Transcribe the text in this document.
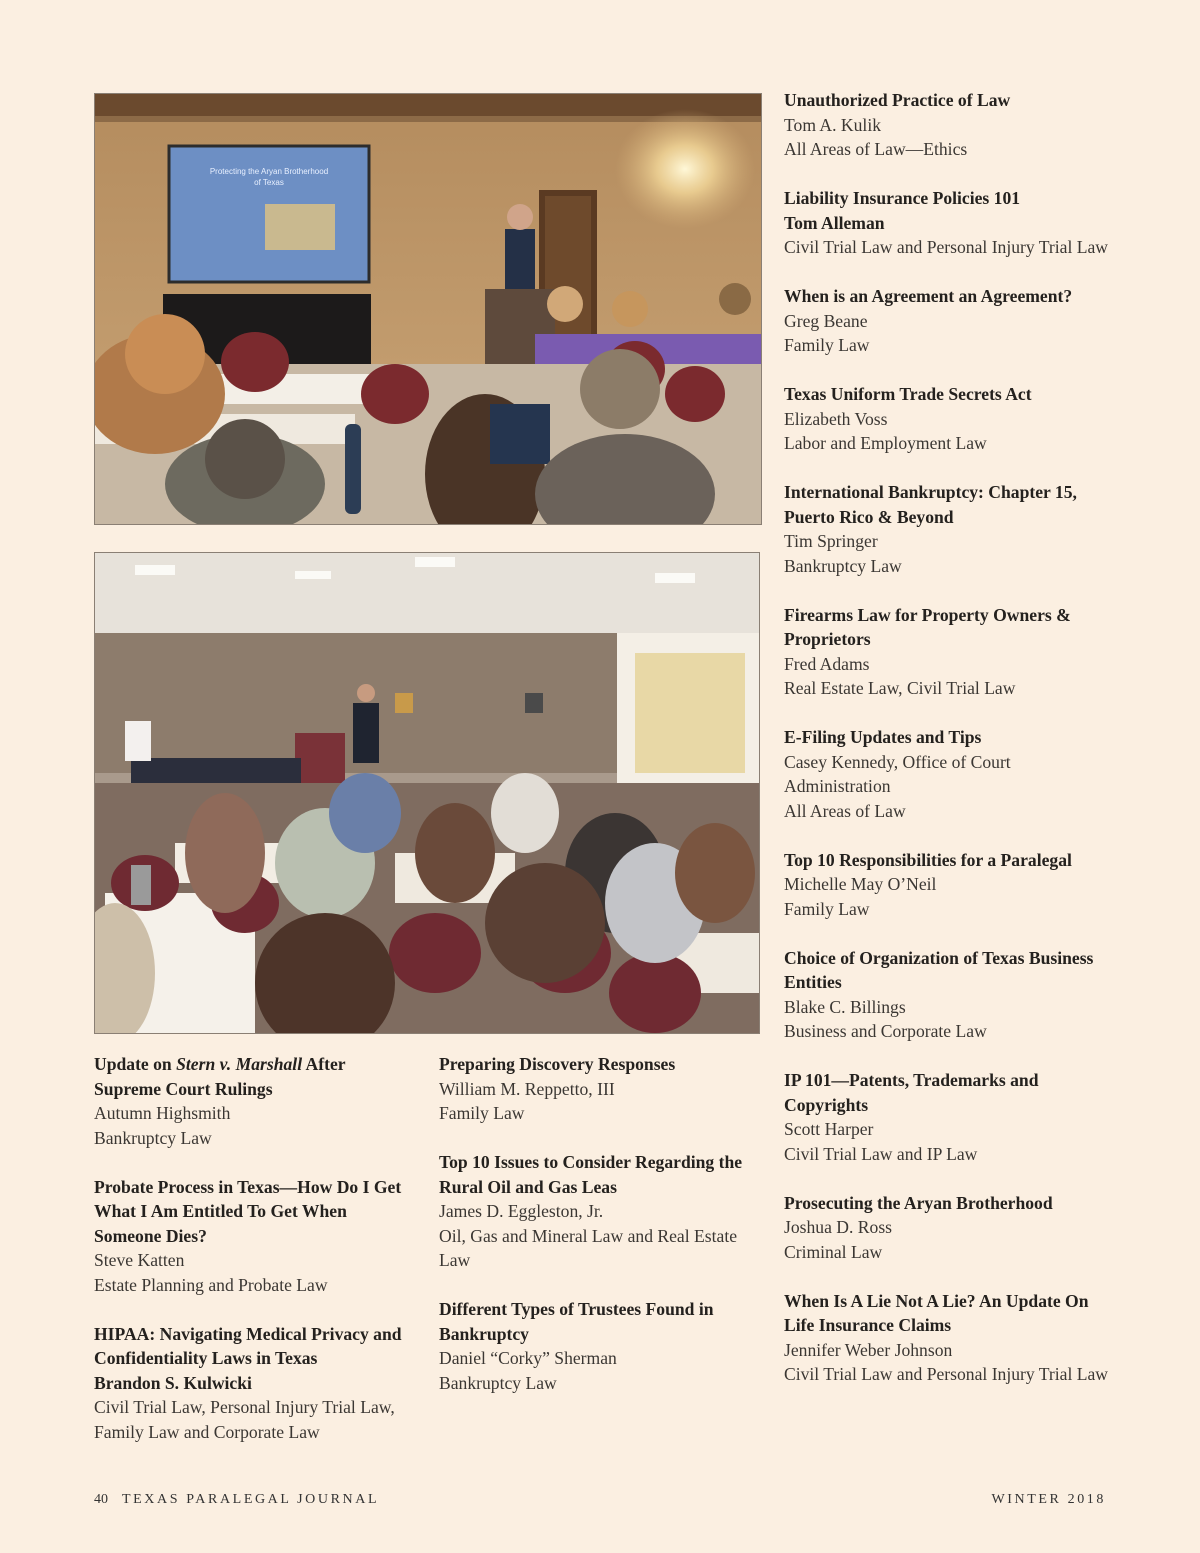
Protecting the Aryan Brotherhood
of Texas
Update on Stern v. Marshall After Supreme Court Rulings
Autumn Highsmith
Bankruptcy Law
Probate Process in Texas—How Do I Get What I Am Entitled To Get When Someone Dies?
Steve Katten
Estate Planning and Probate Law
HIPAA: Navigating Medical Privacy and Confidentiality Laws in Texas
Brandon S. Kulwicki
Civil Trial Law, Personal Injury Trial Law, Family Law and Corporate Law
Preparing Discovery Responses
William M. Reppetto, III
Family Law
Top 10 Issues to Consider Regarding the Rural Oil and Gas Leas
James D. Eggleston, Jr.
Oil, Gas and Mineral Law and Real Estate Law
Different Types of Trustees Found in Bankruptcy
Daniel “Corky” Sherman
Bankruptcy Law
Unauthorized Practice of Law
Tom A. Kulik
All Areas of Law—Ethics
Liability Insurance Policies 101
Tom Alleman
Civil Trial Law and Personal Injury Trial Law
When is an Agreement an Agreement?
Greg Beane
Family Law
Texas Uniform Trade Secrets Act
Elizabeth Voss
Labor and Employment Law
International Bankruptcy: Chapter 15, Puerto Rico & Beyond
Tim Springer
Bankruptcy Law
Firearms Law for Property Owners & Proprietors
Fred Adams
Real Estate Law, Civil Trial Law
E-Filing Updates and Tips
Casey Kennedy, Office of Court Administration
All Areas of Law
Top 10 Responsibilities for a Paralegal
Michelle May O’Neil
Family Law
Choice of Organization of Texas Business Entities
Blake C. Billings
Business and Corporate Law
IP 101—Patents, Trademarks and Copyrights
Scott Harper
Civil Trial Law and IP Law
Prosecuting the Aryan Brotherhood
Joshua D. Ross
Criminal Law
When Is A Lie Not A Lie? An Update On Life Insurance Claims
Jennifer Weber Johnson
Civil Trial Law and Personal Injury Trial Law
40 TEXAS PARALEGAL JOURNAL	WINTER 2018
